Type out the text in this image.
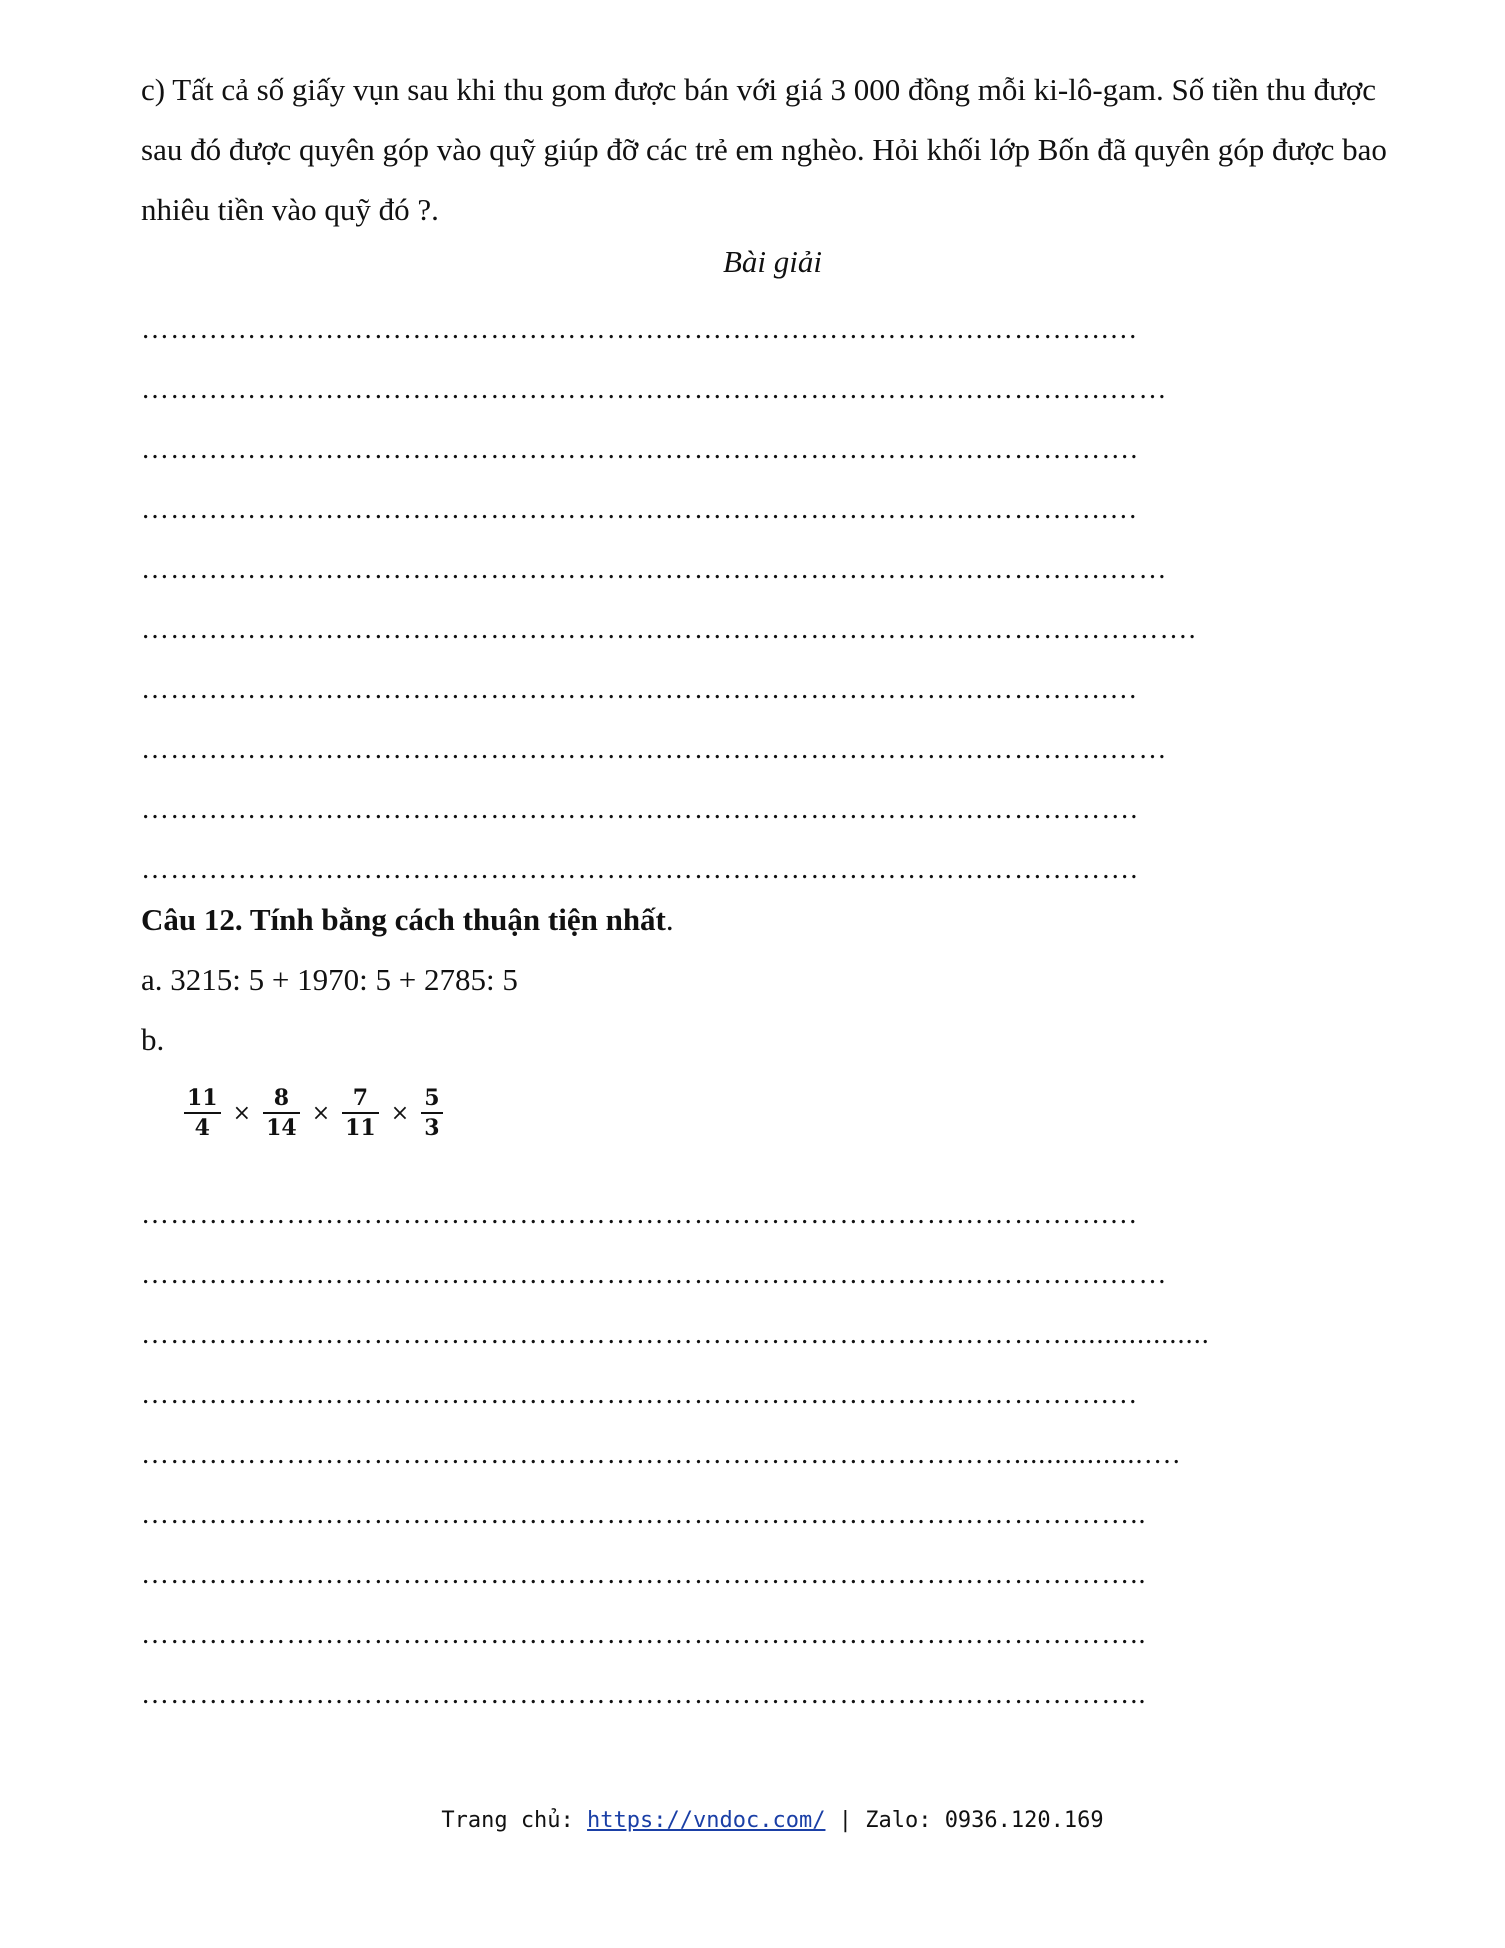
c) Tất cả số giấy vụn sau khi thu gom được bán với giá 3 000 đồng mỗi ki-lô-gam. Số tiền thu được sau đó được quyên góp vào quỹ giúp đỡ các trẻ em nghèo. Hỏi khối lớp Bốn đã quyên góp được bao nhiêu tiền vào quỹ đó ?.

Bài giải
……………………………………………………………………………………….…
……………………………………………………………………………………….……
………………………………………………………………………………………….
……………………………………………………………………………………….…
……………………………………………………………………………………….……
……………………………………………………………………………………………….
……………………………………………………………………………………….…
……………………………………………………………………………………….……
………………………………………………………………………………………….
………………………………………………………………………………………….
Câu 12. Tính bằng cách thuận tiện nhất.
a. 3215: 5 + 1970: 5 + 2785: 5
b.
$\frac{11}{4} \times \frac{8}{14} \times \frac{7}{11} \times \frac{5}{3}$
……………………………………………………………………………………….…
……………………………………………………………………………………….……
…………………………………………………………………………………….................
……………………………………………………………………………………….…
………………………………………………………………………………................….
…………………………………………………………………………………………..
…………………………………………………………………………………………..
…………………………………………………………………………………………..
…………………………………………………………………………………………..
Trang chủ: https://vndoc.com/ | Zalo: 0936.120.169
